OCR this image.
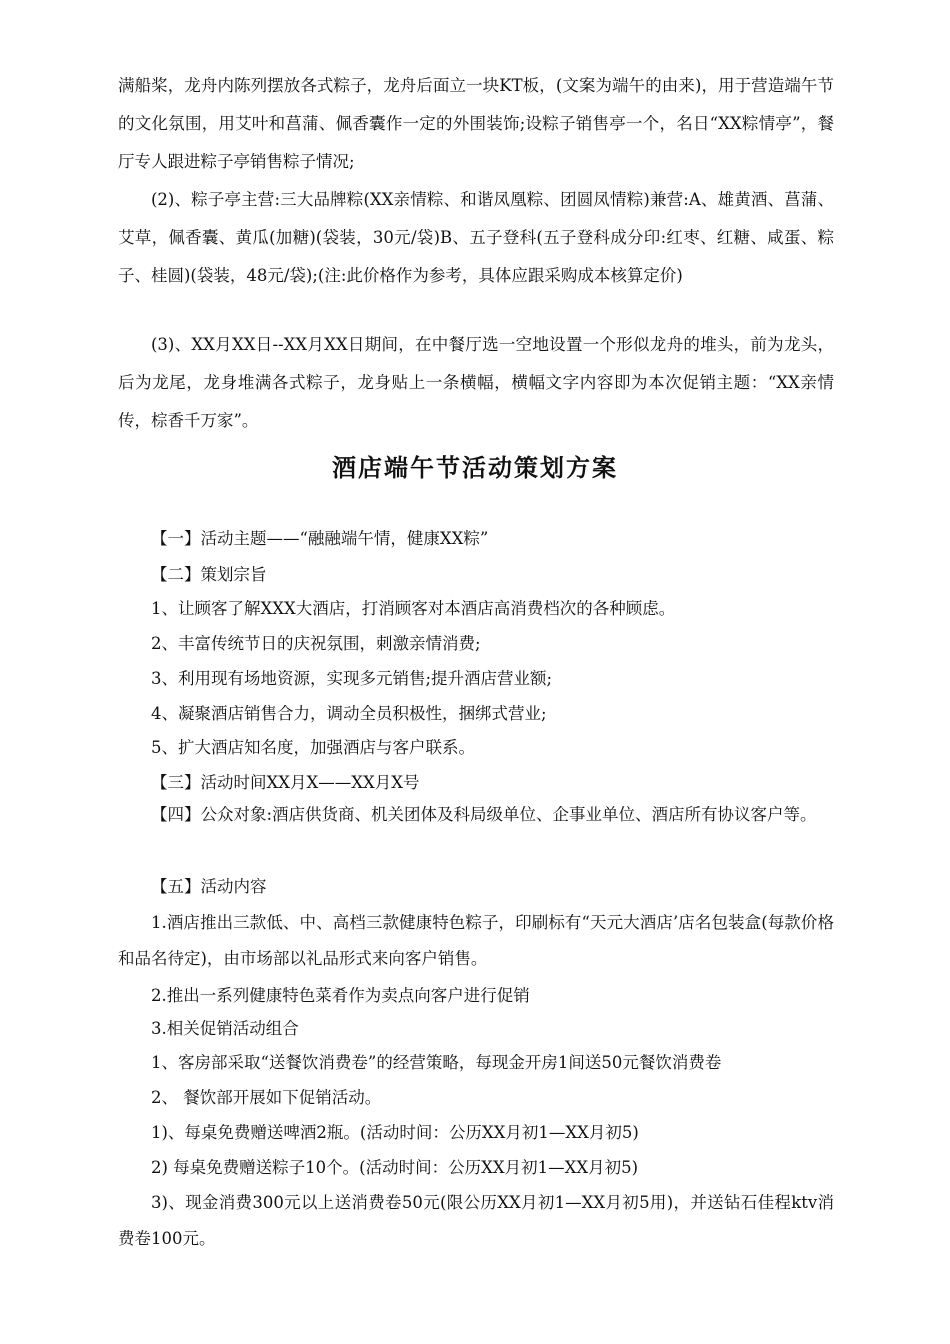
满船桨，龙舟内陈列摆放各式粽子，龙舟后面立一块KT板，(文案为端午的由来)，用于营造端午节的文化氛围，用艾叶和菖蒲、佩香囊作一定的外围装饰;设粽子销售亭一个，名日“XX粽情亭”，餐厅专人跟进粽子亭销售粽子情况;

(2)、粽子亭主营:三大品牌粽(XX亲情粽、和谐凤凰粽、团圆凤情粽)兼营:A、雄黄酒、菖蒲、艾草，佩香囊、黄瓜(加糖)(袋装，30元/袋)B、五子登科(五子登科成分印:红枣、红糖、咸蛋、粽子、桂圆)(袋装，48元/袋);(注:此价格作为参考，具体应跟采购成本核算定价)

(3)、XX月XX日--XX月XX日期间，在中餐厅选一空地设置一个形似龙舟的堆头，前为龙头，后为龙尾，龙身堆满各式粽子，龙身贴上一条横幅，横幅文字内容即为本次促销主题：“XX亲情传，棕香千万家”。

酒店端午节活动策划方案

【一】活动主题——“融融端午情，健康XX粽”

【二】策划宗旨

1、让顾客了解XXX大酒店，打消顾客对本酒店高消费档次的各种顾虑。

2、丰富传统节日的庆祝氛围，刺激亲情消费;

3、利用现有场地资源，实现多元销售;提升酒店营业额;

4、凝聚酒店销售合力，调动全员积极性，捆绑式营业;

5、扩大酒店知名度，加强酒店与客户联系。

【三】活动时间XX月X——XX月X号

【四】公众对象:酒店供货商、机关团体及科局级单位、企事业单位、酒店所有协议客户等。

【五】活动内容

1.酒店推出三款低、中、高档三款健康特色粽子，印刷标有“天元大酒店’店名包装盒(每款价格和品名待定)，由市场部以礼品形式来向客户销售。

2.推出一系列健康特色菜肴作为卖点向客户进行促销

3.相关促销活动组合

1、客房部采取“送餐饮消费卷”的经营策略，每现金开房1间送50元餐饮消费卷

2、 餐饮部开展如下促销活动。

1)、每桌免费赠送啤酒2瓶。(活动时间：公历XX月初1—XX月初5)

2) 每桌免费赠送粽子10个。(活动时间：公历XX月初1—XX月初5)

3)、现金消费300元以上送消费卷50元(限公历XX月初1—XX月初5用)，并送钻石佳程ktv消费卷100元。
